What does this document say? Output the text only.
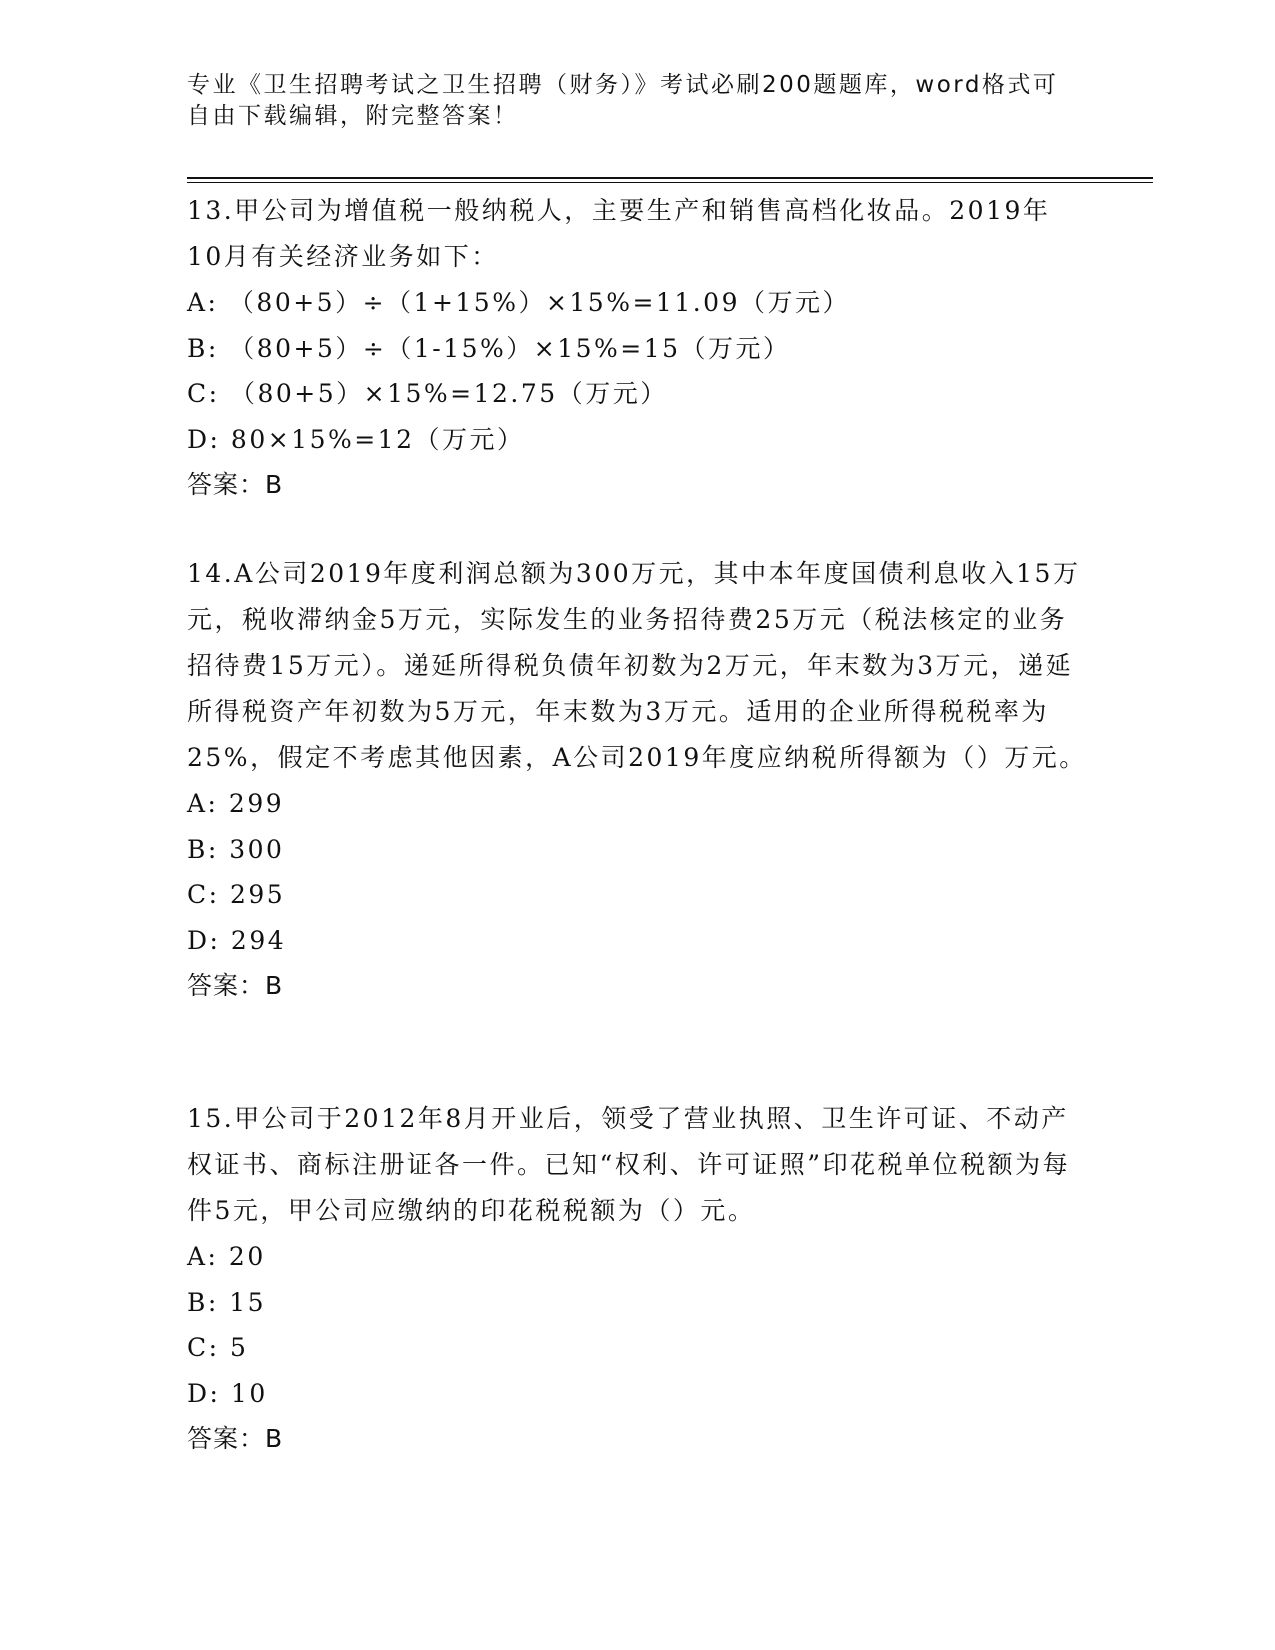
专业《卫生招聘考试之卫生招聘（财务）》考试必刷200题题库，word格式可自由下载编辑，附完整答案！
13.甲公司为增值税一般纳税人，主要生产和销售高档化妆品。2019年10月有关经济业务如下：
A: （80+5）÷（1+15%）×15%=11.09（万元）
B: （80+5）÷（1-15%）×15%=15（万元）
C: （80+5）×15%=12.75（万元）
D: 80×15%=12（万元）
答案：B
14.A公司2019年度利润总额为300万元，其中本年度国债利息收入15万元，税收滞纳金5万元，实际发生的业务招待费25万元（税法核定的业务招待费15万元）。递延所得税负债年初数为2万元，年末数为3万元，递延所得税资产年初数为5万元，年末数为3万元。适用的企业所得税税率为25%，假定不考虑其他因素，A公司2019年度应纳税所得额为（）万元。
A: 299
B: 300
C: 295
D: 294
答案：B
15.甲公司于2012年8月开业后，领受了营业执照、卫生许可证、不动产权证书、商标注册证各一件。已知“权利、许可证照”印花税单位税额为每件5元，甲公司应缴纳的印花税税额为（）元。
A: 20
B: 15
C: 5
D: 10
答案：B
